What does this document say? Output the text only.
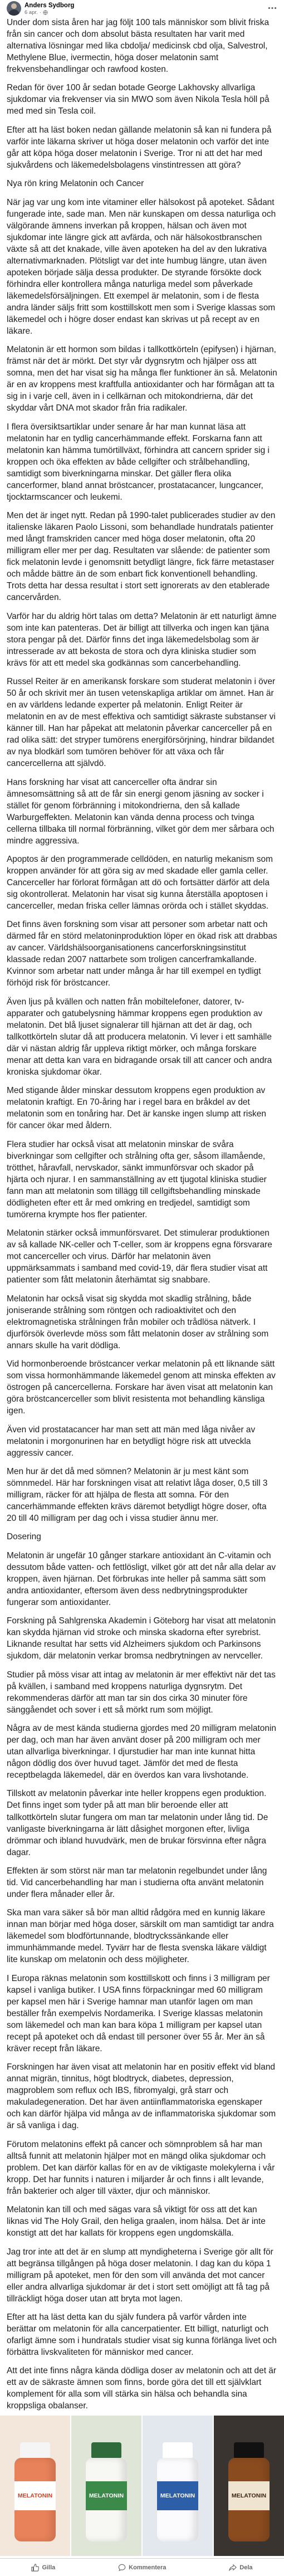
Anders Sydborg
6 apr. ·

Under dom sista åren har jag följt 100 tals människor som blivit friska från sin cancer och dom absolut bästa resultaten har varit med alternativa lösningar med lika cbdolja/ medicinsk cbd olja, Salvestrol, Methylene Blue, ivermectin, höga doser melatonin samt frekvensbehandlingar och rawfood kosten.

Redan för över 100 år sedan botade George Lakhovsky allvarliga sjukdomar via frekvenser via sin MWO som även Nikola Tesla höll på med med sin Tesla coil.

Efter att ha läst boken nedan gällande melatonin så kan ni fundera på varför inte läkarna skriver ut höga doser melatonin och varför det inte går att köpa höga doser melatonin i Sverige. Tror ni att det har med sjukvårdens och läkemedelsbolagens vinstintressen att göra?

Nya rön kring Melatonin och Cancer

När jag var ung kom inte vitaminer eller hälsokost på apoteket. Sådant fungerade inte, sade man. Men när kunskapen om dessa naturliga och välgörande ämnens inverkan på kroppen, hälsan och även mot sjukdomar inte längre gick att avfärda, och när hälsokostbranschen växte så att det knakade, ville även apoteken ha del av den lukrativa alternativmarknaden. Plötsligt var det inte humbug längre, utan även apoteken började sälja dessa produkter. De styrande försökte dock förhindra eller kontrollera många naturliga medel som påverkade läkemedelsförsäljningen. Ett exempel är melatonin, som i de flesta andra länder säljs fritt som kosttillskott men som i Sverige klassas som läkemedel och i högre doser endast kan skrivas ut på recept av en läkare.

Melatonin är ett hormon som bildas i tallkottkörteln (epifysen) i hjärnan, främst när det är mörkt. Det styr vår dygnsrytm och hjälper oss att somna, men det har visat sig ha många fler funktioner än så. Melatonin är en av kroppens mest kraftfulla antioxidanter och har förmågan att ta sig in i varje cell, även in i cellkärnan och mitokondrierna, där det skyddar vårt DNA mot skador från fria radikaler.

I flera översiktsartiklar under senare år har man kunnat läsa att melatonin har en tydlig cancerhämmande effekt. Forskarna fann att melatonin kan hämma tumörtillväxt, förhindra att cancern sprider sig i kroppen och öka effekten av både cellgifter och strålbehandling, samtidigt som biverkningarna minskar. Det gäller flera olika cancerformer, bland annat bröstcancer, prostatacancer, lungcancer, tjocktarmscancer och leukemi.

Men det är inget nytt. Redan på 1990-talet publicerades studier av den italienske läkaren Paolo Lissoni, som behandlade hundratals patienter med långt framskriden cancer med höga doser melatonin, ofta 20 milligram eller mer per dag. Resultaten var slående: de patienter som fick melatonin levde i genomsnitt betydligt längre, fick färre metastaser och mådde bättre än de som enbart fick konventionell behandling. Trots detta har dessa resultat i stort sett ignorerats av den etablerade cancervården.

Varför har du aldrig hört talas om detta? Melatonin är ett naturligt ämne som inte kan patenteras. Det är billigt att tillverka och ingen kan tjäna stora pengar på det. Därför finns det inga läkemedelsbolag som är intresserade av att bekosta de stora och dyra kliniska studier som krävs för att ett medel ska godkännas som cancerbehandling.

Russel Reiter är en amerikansk forskare som studerat melatonin i över 50 år och skrivit mer än tusen vetenskapliga artiklar om ämnet. Han är en av världens ledande experter på melatonin. Enligt Reiter är melatonin en av de mest effektiva och samtidigt säkraste substanser vi känner till. Han har påpekat att melatonin påverkar cancerceller på en rad olika sätt: det stryper tumörens energiförsörjning, hindrar bildandet av nya blodkärl som tumören behöver för att växa och får cancercellerna att självdö.

Hans forskning har visat att cancerceller ofta ändrar sin ämnesomsättning så att de får sin energi genom jäsning av socker i stället för genom förbränning i mitokondrierna, den så kallade Warburgeffekten. Melatonin kan vända denna process och tvinga cellerna tillbaka till normal förbränning, vilket gör dem mer sårbara och mindre aggressiva.

Apoptos är den programmerade celldöden, en naturlig mekanism som kroppen använder för att göra sig av med skadade eller gamla celler. Cancerceller har förlorat förmågan att dö och fortsätter därför att dela sig okontrollerat. Melatonin har visat sig kunna återställa apoptosen i cancerceller, medan friska celler lämnas orörda och i stället skyddas.

Det finns även forskning som visar att personer som arbetar natt och därmed får en störd melatoninproduktion löper en ökad risk att drabbas av cancer. Världshälsoorganisationens cancerforskningsinstitut klassade redan 2007 nattarbete som troligen cancerframkallande. Kvinnor som arbetar natt under många år har till exempel en tydligt förhöjd risk för bröstcancer.

Även ljus på kvällen och natten från mobiltelefoner, datorer, tv-apparater och gatubelysning hämmar kroppens egen produktion av melatonin. Det blå ljuset signalerar till hjärnan att det är dag, och tallkottkörteln slutar då att producera melatonin. Vi lever i ett samhälle där vi nästan aldrig får uppleva riktigt mörker, och många forskare menar att detta kan vara en bidragande orsak till att cancer och andra kroniska sjukdomar ökar.

Med stigande ålder minskar dessutom kroppens egen produktion av melatonin kraftigt. En 70-åring har i regel bara en bråkdel av det melatonin som en tonåring har. Det är kanske ingen slump att risken för cancer ökar med åldern.

Flera studier har också visat att melatonin minskar de svåra biverkningar som cellgifter och strålning ofta ger, såsom illamående, trötthet, håravfall, nervskador, sänkt immunförsvar och skador på hjärta och njurar. I en sammanställning av ett tjugotal kliniska studier fann man att melatonin som tillägg till cellgiftsbehandling minskade dödligheten efter ett år med omkring en tredjedel, samtidigt som tumörerna krympte hos fler patienter.

Melatonin stärker också immunförsvaret. Det stimulerar produktionen av så kallade NK-celler och T-celler, som är kroppens egna försvarare mot cancerceller och virus. Därför har melatonin även uppmärksammats i samband med covid-19, där flera studier visat att patienter som fått melatonin återhämtat sig snabbare.

Melatonin har också visat sig skydda mot skadlig strålning, både joniserande strålning som röntgen och radioaktivitet och den elektromagnetiska strålningen från mobiler och trådlösa nätverk. I djurförsök överlevde möss som fått melatonin doser av strålning som annars skulle ha varit dödliga.

Vid hormonberoende bröstcancer verkar melatonin på ett liknande sätt som vissa hormonhämmande läkemedel genom att minska effekten av östrogen på cancercellerna. Forskare har även visat att melatonin kan göra bröstcancerceller som blivit resistenta mot behandling känsliga igen.

Även vid prostatacancer har man sett att män med låga nivåer av melatonin i morgonurinen har en betydligt högre risk att utveckla aggressiv cancer.

Men hur är det då med sömnen? Melatonin är ju mest känt som sömnmedel. Här har forskningen visat att relativt låga doser, 0,5 till 3 milligram, räcker för att hjälpa de flesta att somna. För den cancerhämmande effekten krävs däremot betydligt högre doser, ofta 20 till 40 milligram per dag och i vissa studier ännu mer.

Dosering

Melatonin är ungefär 10 gånger starkare antioxidant än C-vitamin och dessutom både vatten- och fettlösligt, vilket gör att det når alla delar av kroppen, även hjärnan. Det förbrukas inte heller på samma sätt som andra antioxidanter, eftersom även dess nedbrytningsprodukter fungerar som antioxidanter.

Forskning på Sahlgrenska Akademin i Göteborg har visat att melatonin kan skydda hjärnan vid stroke och minska skadorna efter syrebrist. Liknande resultat har setts vid Alzheimers sjukdom och Parkinsons sjukdom, där melatonin verkar bromsa nedbrytningen av nervceller.

Studier på möss visar att intag av melatonin är mer effektivt när det tas på kvällen, i samband med kroppens naturliga dygnsrytm. Det rekommenderas därför att man tar sin dos cirka 30 minuter före sänggåendet och sover i ett så mörkt rum som möjligt.

Några av de mest kända studierna gjordes med 20 milligram melatonin per dag, och man har även använt doser på 200 milligram och mer utan allvarliga biverkningar. I djurstudier har man inte kunnat hitta någon dödlig dos över huvud taget. Jämför det med de flesta receptbelagda läkemedel, där en överdos kan vara livshotande.

Tillskott av melatonin påverkar inte heller kroppens egen produktion. Det finns inget som tyder på att man blir beroende eller att tallkottkörteln slutar fungera om man tar melatonin under lång tid. De vanligaste biverkningarna är lätt dåsighet morgonen efter, livliga drömmar och ibland huvudvärk, men de brukar försvinna efter några dagar.

Effekten är som störst när man tar melatonin regelbundet under lång tid. Vid cancerbehandling har man i studierna ofta använt melatonin under flera månader eller år.

Ska man vara säker så bör man alltid rådgöra med en kunnig läkare innan man börjar med höga doser, särskilt om man samtidigt tar andra läkemedel som blodförtunnande, blodtryckssänkande eller immunhämmande medel. Tyvärr har de flesta svenska läkare väldigt lite kunskap om melatonin och dess möjligheter.

I Europa räknas melatonin som kosttillskott och finns i 3 milligram per kapsel i vanliga butiker. I USA finns förpackningar med 60 milligram per kapsel men här i Sverige hamnar man utanför lagen om man beställer från exempelvis Nordamerika. I Sverige klassas melatonin som läkemedel och man kan bara köpa 1 milligram per kapsel utan recept på apoteket och då endast till personer över 55 år. Mer än så kräver recept från läkare.

Forskningen har även visat att melatonin har en positiv effekt vid bland annat migrän, tinnitus, högt blodtryck, diabetes, depression, magproblem som reflux och IBS, fibromyalgi, grå starr och makuladegeneration. Det har även antiinflammatoriska egenskaper och kan därför hjälpa vid många av de inflammatoriska sjukdomar som är så vanliga i dag.

Förutom melatonins effekt på cancer och sömnproblem så har man alltså funnit att melatonin hjälper mot en mängd olika sjukdomar och problem. Det kan därför kallas för en av de viktigaste molekylerna i vår kropp. Det har funnits i naturen i miljarder år och finns i allt levande, från bakterier och alger till växter, djur och människor.

Melatonin kan till och med sägas vara så viktigt för oss att det kan liknas vid The Holy Grail, den heliga graalen, inom hälsa. Det är inte konstigt att det har kallats för kroppens egen ungdomskälla.

Jag tror inte att det är en slump att myndigheterna i Sverige gör allt för att begränsa tillgången på höga doser melatonin. I dag kan du köpa 1 milligram på apoteket, men för den som vill använda det mot cancer eller andra allvarliga sjukdomar är det i stort sett omöjligt att få tag på tillräckligt höga doser utan att bryta mot lagen.

Efter att ha läst detta kan du själv fundera på varför vården inte berättar om melatonin för alla cancerpatienter. Ett billigt, naturligt och ofarligt ämne som i hundratals studier visat sig kunna förlänga livet och förbättra livskvaliteten för människor med cancer.

Att det inte finns några kända dödliga doser av melatonin och att det är ett av de säkraste ämnen som finns, borde göra det till ett självklart komplement för alla som vill stärka sin hälsa och behandla sina kroppsliga obalanser.

MELATONIN	MELATONIN	MELATONIN	MELATONIN
Gilla	Kommentera	Dela
